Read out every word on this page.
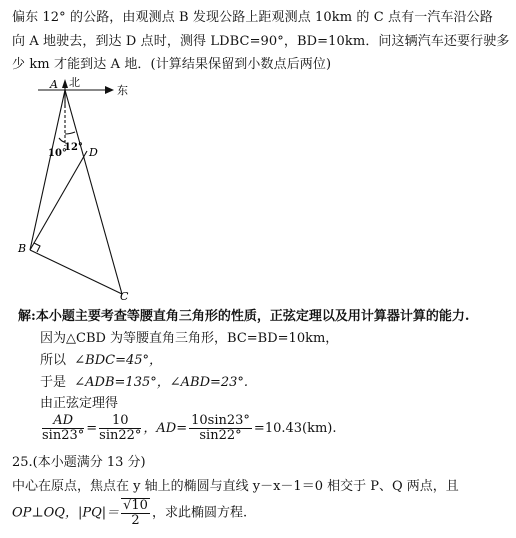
偏东 12° 的公路，由观测点 B 发现公路上距观测点 10km 的 C 点有一汽车沿公路
向 A 地驶去，到达 D 点时，测得 LDBC=90°，BD=10km．问这辆汽车还要行驶多
少 km 才能到达 A 地．(计算结果保留到小数点后两位)
A 北
东
12°
10° D
B
C
解:本小题主要考查等腰直角三角形的性质，正弦定理以及用计算器计算的能力.
因为△CBD 为等腰直角三角形，BC=BD=10km，
所以 ∠BDC=45°，
于是 ∠ADB=135°，∠ABD=23°.
由正弦定理得
$\frac{AD}{\sin 23^\circ} = \frac{10}{\sin 22^\circ}$ ，$AD= \frac{10\sin 23^\circ}{\sin 22^\circ} =10.43(km)$.
25.(本小题满分 13 分)
中心在原点，焦点在 y 轴上的椭圆与直线 y－x－1＝0 相交于 P、Q 两点，且
OP⊥OQ，$|PQ|= \frac{√10}{2}$ ，求此椭圆方程.
